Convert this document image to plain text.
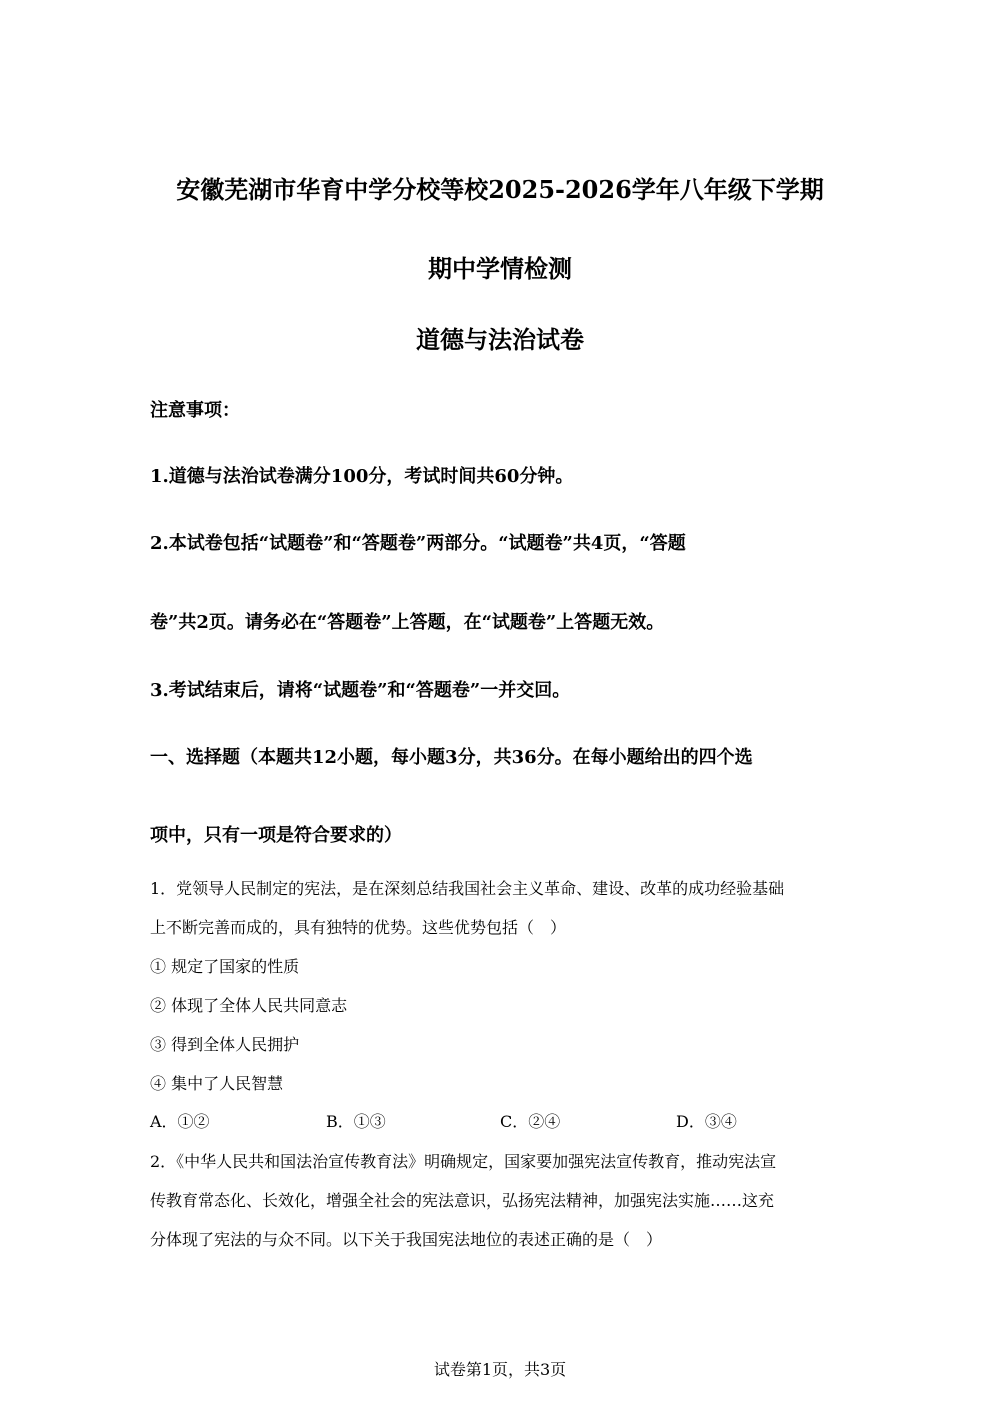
安徽芜湖市华育中学分校等校2025-2026学年八年级下学期
期中学情检测
道德与法治试卷
注意事项：
1.道德与法治试卷满分100分，考试时间共60分钟。
2.本试卷包括“试题卷”和“答题卷”两部分。“试题卷”共4页，“答题
卷”共2页。请务必在“答题卷”上答题，在“试题卷”上答题无效。
3.考试结束后，请将“试题卷”和“答题卷”一并交回。
一、选择题（本题共12小题，每小题3分，共36分。在每小题给出的四个选
项中，只有一项是符合要求的）
1．党领导人民制定的宪法，是在深刻总结我国社会主义革命、建设、改革的成功经验基础
上不断完善而成的，具有独特的优势。这些优势包括（　）
① 规定了国家的性质
② 体现了全体人民共同意志
③ 得到全体人民拥护
④ 集中了人民智慧
A．①②	B．①③	C．②④	D．③④
2．《中华人民共和国法治宣传教育法》明确规定，国家要加强宪法宣传教育，推动宪法宣
传教育常态化、长效化，增强全社会的宪法意识，弘扬宪法精神，加强宪法实施……这充
分体现了宪法的与众不同。以下关于我国宪法地位的表述正确的是（　）
试卷第1页，共3页
